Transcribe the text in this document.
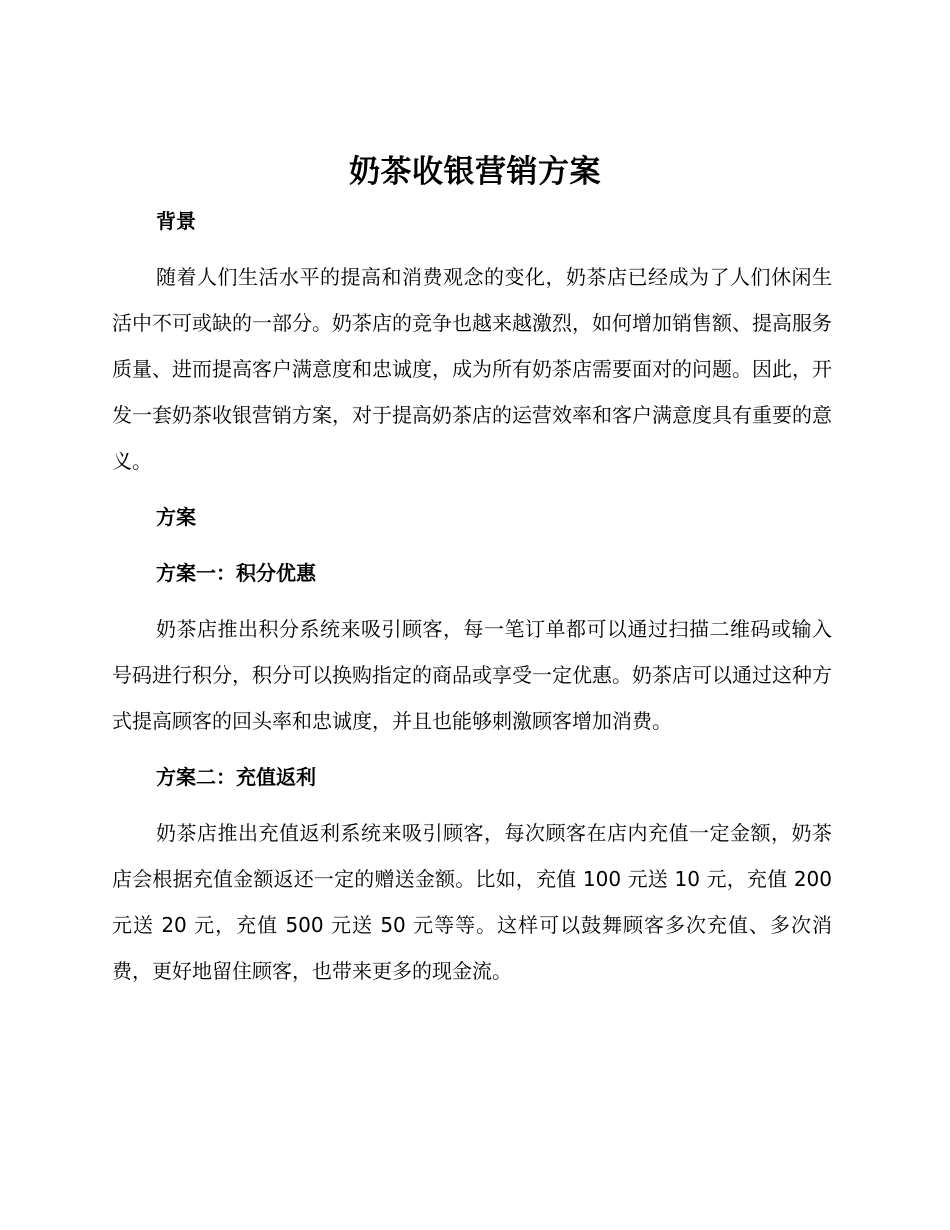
奶茶收银营销方案

背景

随着人们生活水平的提高和消费观念的变化，奶茶店已经成为了人们休闲生活中不可或缺的一部分。奶茶店的竞争也越来越激烈，如何增加销售额、提高服务质量、进而提高客户满意度和忠诚度，成为所有奶茶店需要面对的问题。因此，开发一套奶茶收银营销方案，对于提高奶茶店的运营效率和客户满意度具有重要的意义。

方案

方案一：积分优惠

奶茶店推出积分系统来吸引顾客，每一笔订单都可以通过扫描二维码或输入号码进行积分，积分可以换购指定的商品或享受一定优惠。奶茶店可以通过这种方式提高顾客的回头率和忠诚度，并且也能够刺激顾客增加消费。

方案二：充值返利

奶茶店推出充值返利系统来吸引顾客，每次顾客在店内充值一定金额，奶茶店会根据充值金额返还一定的赠送金额。比如，充值 100 元送 10 元，充值 200 元送 20 元，充值 500 元送 50 元等等。这样可以鼓舞顾客多次充值、多次消费，更好地留住顾客，也带来更多的现金流。
